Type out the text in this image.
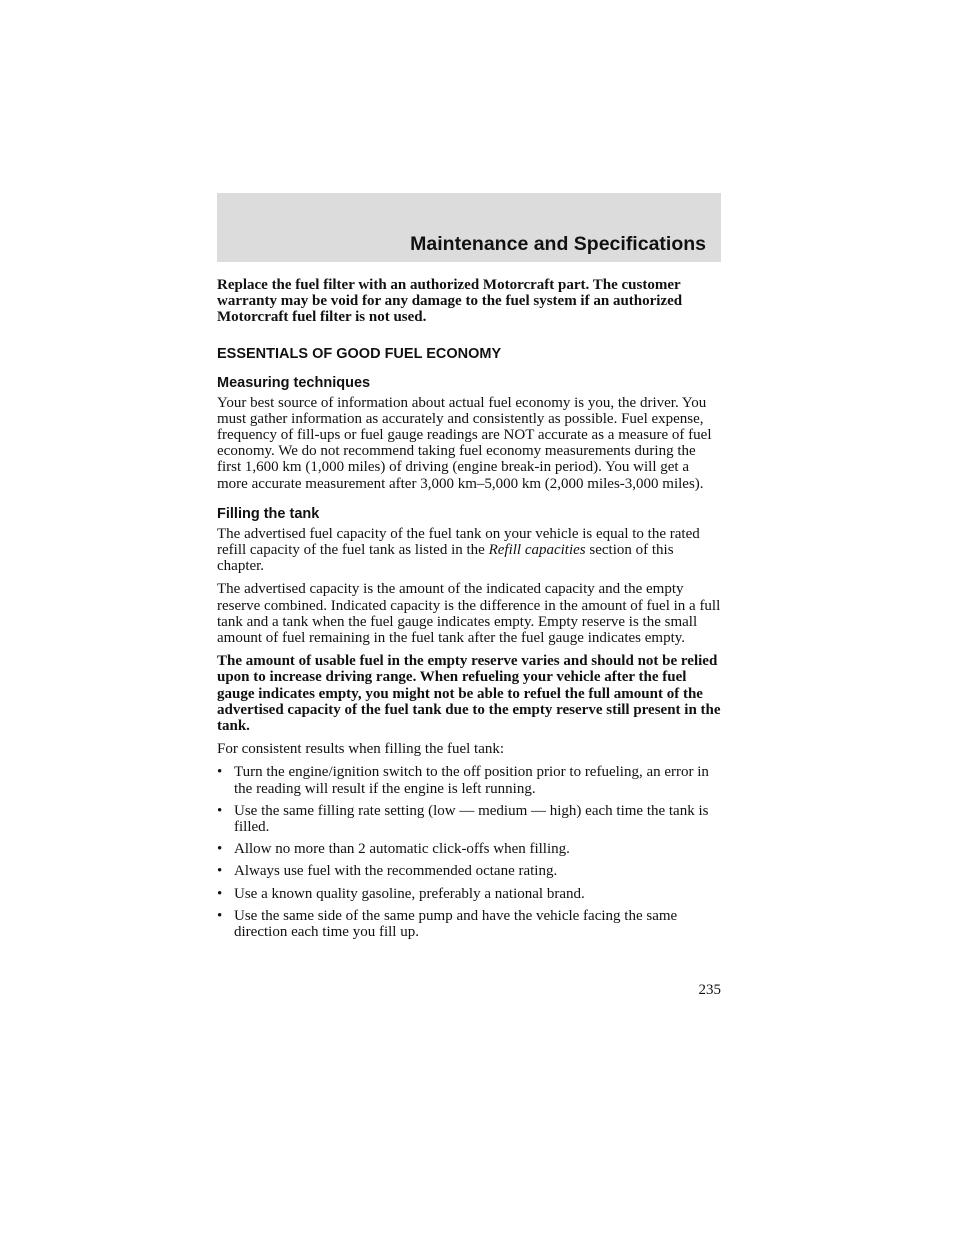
Maintenance and Specifications

Replace the fuel filter with an authorized Motorcraft part. The customer warranty may be void for any damage to the fuel system if an authorized Motorcraft fuel filter is not used.

ESSENTIALS OF GOOD FUEL ECONOMY
Measuring techniques

Your best source of information about actual fuel economy is you, the driver. You must gather information as accurately and consistently as possible. Fuel expense, frequency of fill-ups or fuel gauge readings are NOT accurate as a measure of fuel economy. We do not recommend taking fuel economy measurements during the first 1,600 km (1,000 miles) of driving (engine break-in period). You will get a more accurate measurement after 3,000 km–5,000 km (2,000 miles-3,000 miles).

Filling the tank

The advertised fuel capacity of the fuel tank on your vehicle is equal to the rated refill capacity of the fuel tank as listed in the Refill capacities section of this chapter.

The advertised capacity is the amount of the indicated capacity and the empty reserve combined. Indicated capacity is the difference in the amount of fuel in a full tank and a tank when the fuel gauge indicates empty. Empty reserve is the small amount of fuel remaining in the fuel tank after the fuel gauge indicates empty.

The amount of usable fuel in the empty reserve varies and should not be relied upon to increase driving range. When refueling your vehicle after the fuel gauge indicates empty, you might not be able to refuel the full amount of the advertised capacity of the fuel tank due to the empty reserve still present in the tank.

For consistent results when filling the fuel tank:

• Turn the engine/ignition switch to the off position prior to refueling, an error in the reading will result if the engine is left running.
• Use the same filling rate setting (low — medium — high) each time the tank is filled.
• Allow no more than 2 automatic click-offs when filling.
• Always use fuel with the recommended octane rating.
• Use a known quality gasoline, preferably a national brand.
• Use the same side of the same pump and have the vehicle facing the same direction each time you fill up.
235
